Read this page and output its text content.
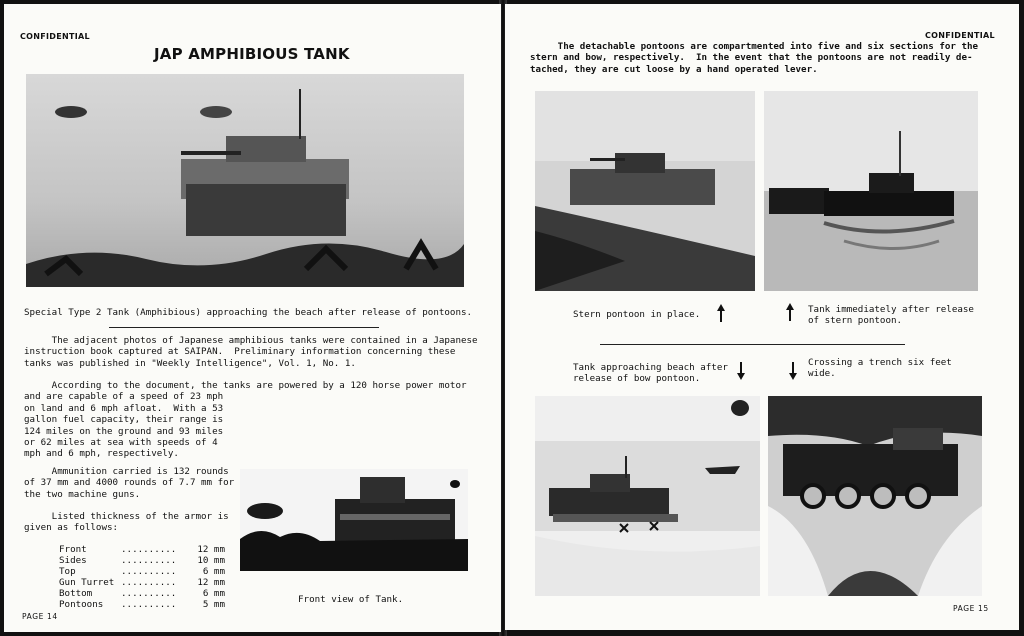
CONFIDENTIAL
JAP AMPHIBIOUS TANK
Special Type 2 Tank (Amphibious) approaching the beach after release of pontoons.
The adjacent photos of Japanese amphibious tanks were contained in a Japanese
instruction book captured at SAIPAN.  Preliminary information concerning these
tanks was published in "Weekly Intelligence", Vol. 1, No. 1.
According to the document, the tanks are powered by a 120 horse power motor
and are capable of a speed of 23 mph
on land and 6 mph afloat.  With a 53
gallon fuel capacity, their range is
124 miles on the ground and 93 miles
or 62 miles at sea with speeds of 4
mph and 6 mph, respectively.
Ammunition carried is 132 rounds
of 37 mm and 4000 rounds of 7.7 mm for
the two machine guns.
Listed thickness of the armor is
given as follows:
Front	..........	12 mm
Sides	..........	10 mm
Top	..........	6 mm
Gun Turret ..........	12 mm
Bottom	..........	6 mm
Pontoons	..........	5 mm	Front view of Tank.
PAGE 14
CONFIDENTIAL
The detachable pontoons are compartmented into five and six sections for the
stern and bow, respectively.  In the event that the pontoons are not readily de-
tached, they are cut loose by a hand operated lever.
Stern pontoon in place.	Tank immediately after release
of stern pontoon.
Tank approaching beach after
release of bow pontoon.
Crossing a trench six feet
wide.
PAGE 15
